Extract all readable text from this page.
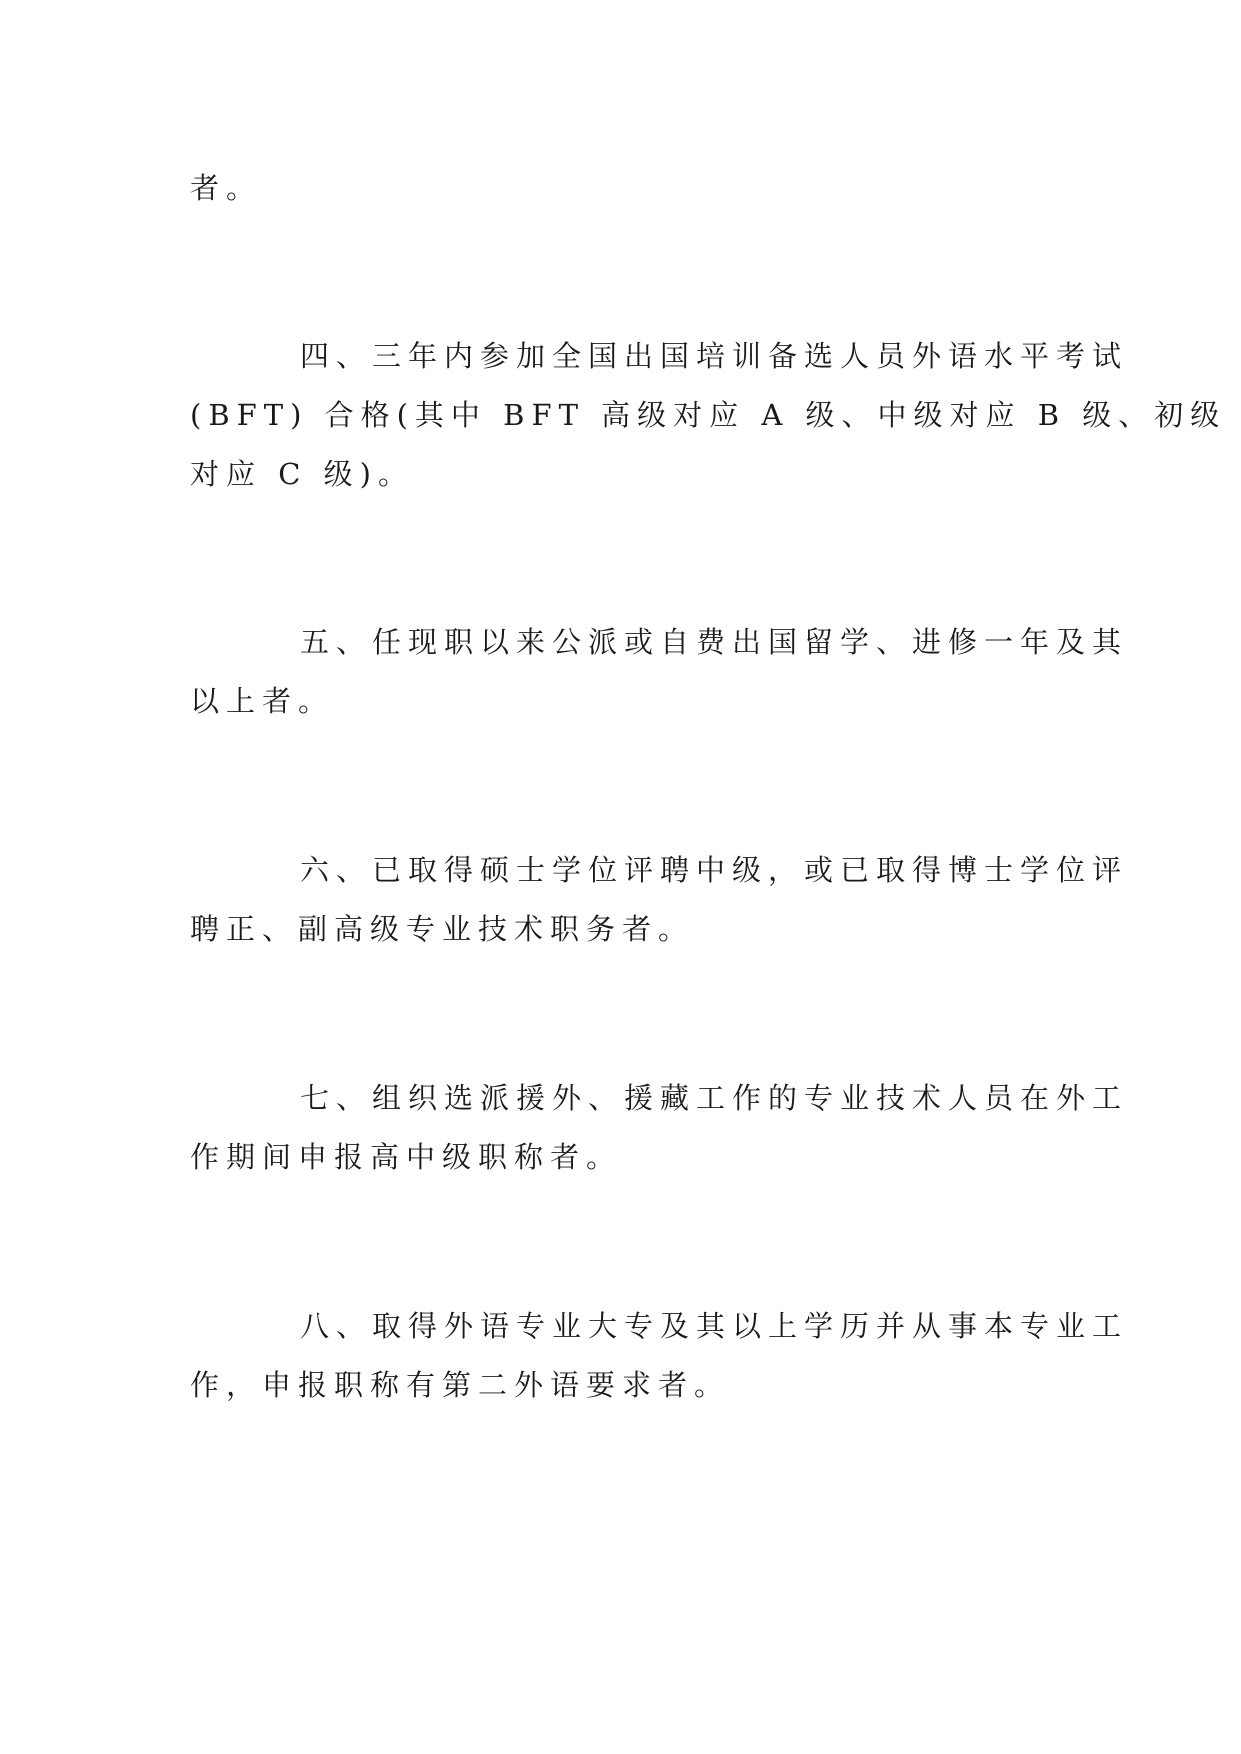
者。
四、三年内参加全国出国培训备选人员外语水平考试
(BFT) 合格(其中 BFT 高级对应 A 级、中级对应 B 级、初级
对应 C 级)。
五、任现职以来公派或自费出国留学、进修一年及其
以上者。
六、已取得硕士学位评聘中级，或已取得博士学位评
聘正、副高级专业技术职务者。
七、组织选派援外、援藏工作的专业技术人员在外工
作期间申报高中级职称者。
八、取得外语专业大专及其以上学历并从事本专业工
作，申报职称有第二外语要求者。
